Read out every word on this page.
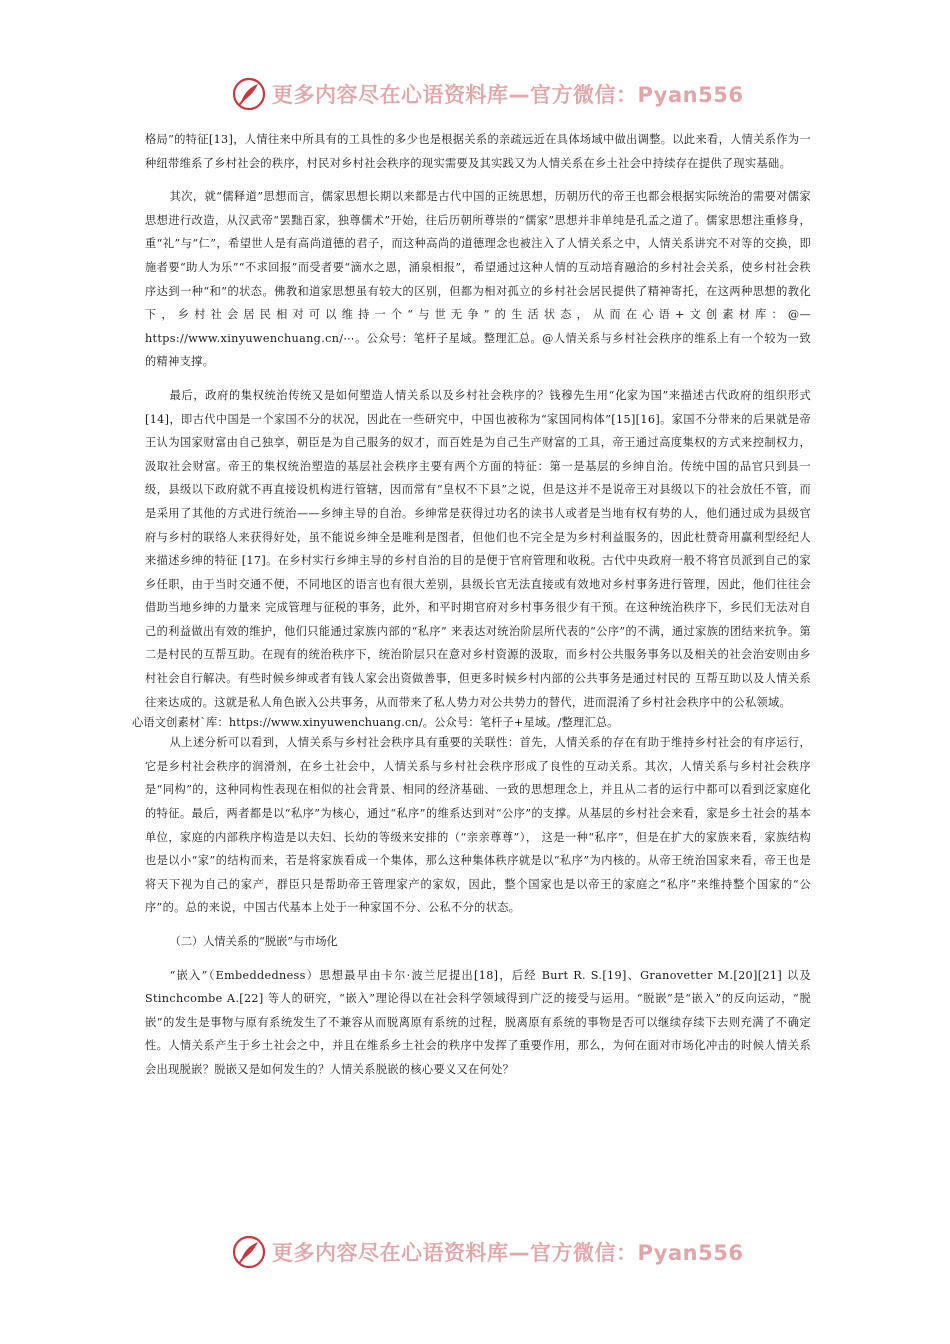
更多内容尽在心语资料库—官方微信：Pyan556

格局”的特征[13]，人情往来中所具有的工具性的多少也是根据关系的亲疏远近在具体场域中做出调整。以此来看，人情关系作为一种纽带维系了乡村社会的秩序，村民对乡村社会秩序的现实需要及其实践又为人情关系在乡土社会中持续存在提供了现实基础。

其次，就“儒释道”思想而言，儒家思想长期以来都是古代中国的正统思想，历朝历代的帝王也都会根据实际统治的需要对儒家思想进行改造，从汉武帝“罢黜百家，独尊儒术”开始，往后历朝所尊崇的“儒家”思想并非单纯是孔孟之道了。儒家思想注重修身，重“礼”与“仁”，希望世人是有高尚道德的君子，而这种高尚的道德理念也被注入了人情关系之中，人情关系讲究不对等的交换，即施者要“助人为乐”“不求回报”而受者要“滴水之恩，涌泉相报”，希望通过这种人情的互动培育融洽的乡村社会关系，使乡村社会秩序达到一种“和”的状态。佛教和道家思想虽有较大的区别，但都为相对孤立的乡村社会居民提供了精神寄托，在这两种思想的教化下，乡村社会居民相对可以维持一个“与世无争”的生活状态，从而在心语+文创素材库：@—https://www.xinyuwenchuang.cn/⋯。公众号：笔杆子星域。整理汇总。@人情关系与乡村社会秩序的维系上有一个较为一致的精神支撑。

最后，政府的集权统治传统又是如何塑造人情关系以及乡村社会秩序的？钱穆先生用“化家为国”来描述古代政府的组织形式[14]，即古代中国是一个家国不分的状况，因此在一些研究中，中国也被称为“家国同构体”[15][16]。家国不分带来的后果就是帝王认为国家财富由自己独享，朝臣是为自己服务的奴才，而百姓是为自己生产财富的工具，帝王通过高度集权的方式来控制权力，汲取社会财富。帝王的集权统治塑造的基层社会秩序主要有两个方面的特征：第一是基层的乡绅自治。传统中国的品官只到县一级，县级以下政府就不再直接设机构进行管辖，因而常有“皇权不下县”之说，但是这并不是说帝王对县级以下的社会放任不管，而是采用了其他的方式进行统治——乡绅主导的自治。乡绅常是获得过功名的读书人或者是当地有权有势的人，他们通过成为县级官府与乡村的联络人来获得好处，虽不能说乡绅全是唯利是图者，但他们也不完全是为乡村利益服务的，因此杜赞奇用赢利型经纪人来描述乡绅的特征 [17]。在乡村实行乡绅主导的乡村自治的目的是便于官府管理和收税。古代中央政府一般不将官员派到自己的家乡任职，由于当时交通不便，不同地区的语言也有很大差别，县级长官无法直接或有效地对乡村事务进行管理，因此，他们往往会借助当地乡绅的力量来 完成管理与征税的事务，此外，和平时期官府对乡村事务很少有干预。在这种统治秩序下，乡民们无法对自己的利益做出有效的维护，他们只能通过家族内部的“私序” 来表达对统治阶层所代表的“公序”的不满，通过家族的团结来抗争。第二是村民的互帮互助。在现有的统治秩序下，统治阶层只在意对乡村资源的汲取，而乡村公共服务事务以及相关的社会治安则由乡村社会自行解决。有些时候乡绅或者有钱人家会出资做善事，但更多时候乡村内部的公共事务是通过村民的 互帮互助以及人情关系往来达成的。这就是私人角色嵌入公共事务，从而带来了私人势力对公共势力的替代，进而混淆了乡村社会秩序中的公私领域。

心语文创素材`库：https://www.xinyuwenchuang.cn/。公众号：笔杆子+星域。/整理汇总。

从上述分析可以看到，人情关系与乡村社会秩序具有重要的关联性：首先，人情关系的存在有助于维持乡村社会的有序运行，它是乡村社会秩序的润滑剂，在乡土社会中，人情关系与乡村社会秩序形成了良性的互动关系。其次，人情关系与乡村社会秩序是“同构”的，这种同构性表现在相似的社会背景、相同的经济基础、一致的思想理念上，并且从二者的运行中都可以看到泛家庭化的特征。最后，两者都是以“私序”为核心，通过“私序”的维系达到对“公序”的支撑。从基层的乡村社会来看，家是乡土社会的基本单位，家庭的内部秩序构造是以夫妇、长幼的等级来安排的（“亲亲尊尊”）， 这是一种“私序”，但是在扩大的家族来看，家族结构也是以小“家”的结构而来，若是将家族看成一个集体，那么这种集体秩序就是以“私序”为内核的。从帝王统治国家来看，帝王也是将天下视为自己的家产，群臣只是帮助帝王管理家产的家奴，因此，整个国家也是以帝王的家庭之“私序”来维持整个国家的“公序”的。总的来说，中国古代基本上处于一种家国不分、公私不分的状态。

（二）人情关系的“脱嵌”与市场化

“嵌入”（Embeddedness）思想最早由卡尔·波兰尼提出[18]，后经 Burt R. S.[19]、Granovetter M.[20][21] 以及Stinchcombe A.[22] 等人的研究，“嵌入”理论得以在社会科学领域得到广泛的接受与运用。“脱嵌”是“嵌入”的反向运动，“脱嵌”的发生是事物与原有系统发生了不兼容从而脱离原有系统的过程，脱离原有系统的事物是否可以继续存续下去则充满了不确定性。人情关系产生于乡土社会之中，并且在维系乡土社会的秩序中发挥了重要作用，那么，为何在面对市场化冲击的时候人情关系会出现脱嵌？脱嵌又是如何发生的？人情关系脱嵌的核心要义又在何处？

更多内容尽在心语资料库—官方微信：Pyan556
